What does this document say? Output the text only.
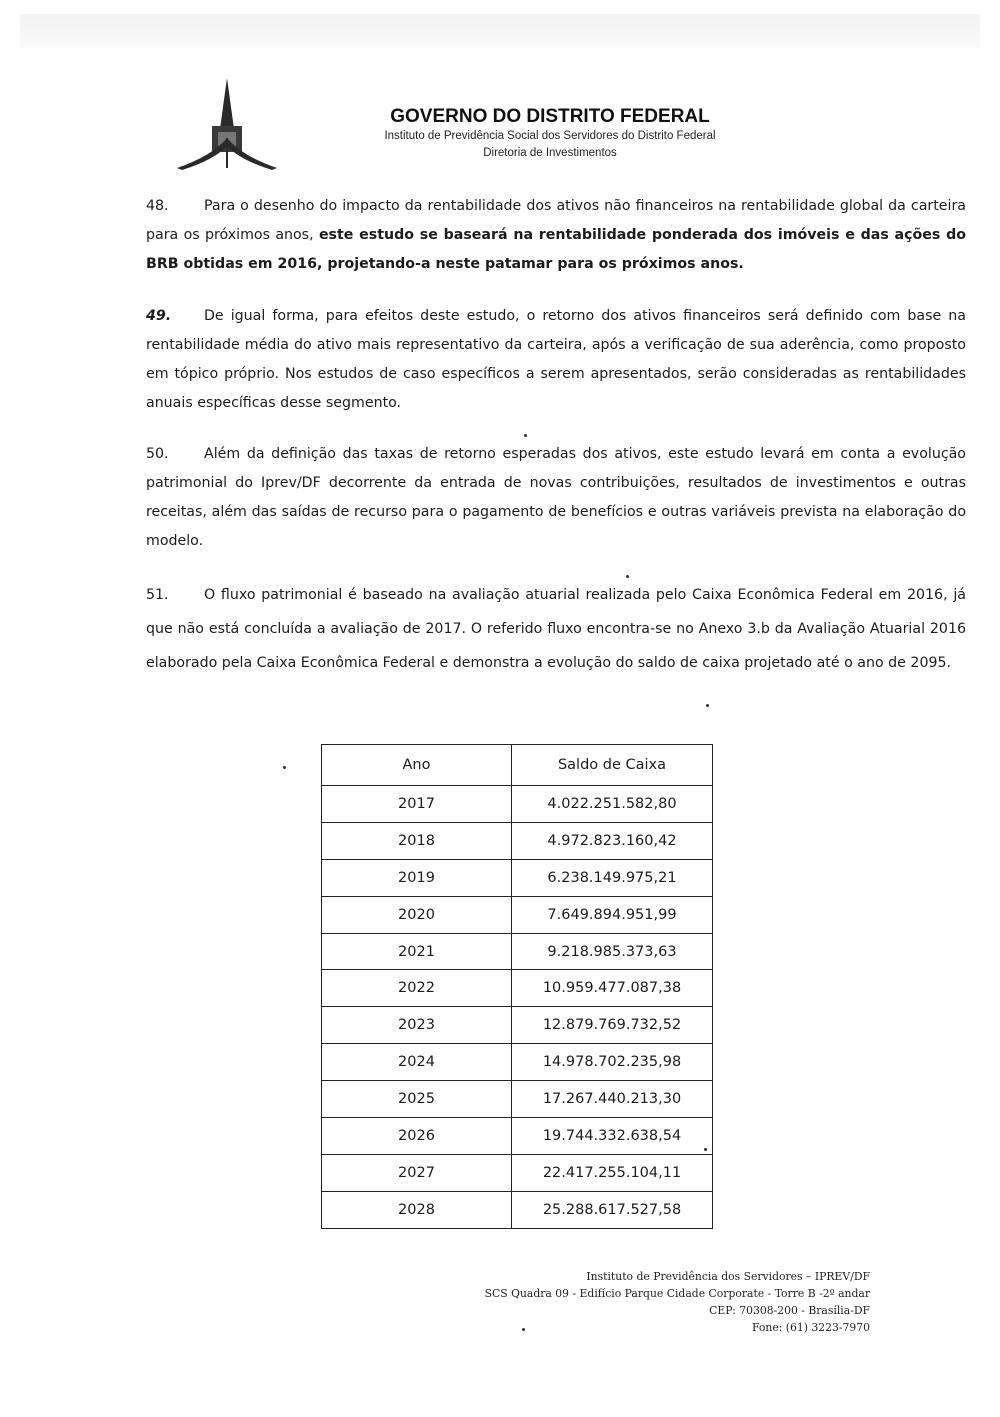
GOVERNO DO DISTRITO FEDERAL
Instituto de Previdência Social dos Servidores do Distrito Federal
Diretoria de Investimentos
48. Para o desenho do impacto da rentabilidade dos ativos não financeiros na rentabilidade global da carteira para os próximos anos, este estudo se baseará na rentabilidade ponderada dos imóveis e das ações do BRB obtidas em 2016, projetando-a neste patamar para os próximos anos.
49. De igual forma, para efeitos deste estudo, o retorno dos ativos financeiros será definido com base na rentabilidade média do ativo mais representativo da carteira, após a verificação de sua aderência, como proposto em tópico próprio. Nos estudos de caso específicos a serem apresentados, serão consideradas as rentabilidades anuais específicas desse segmento.
50. Além da definição das taxas de retorno esperadas dos ativos, este estudo levará em conta a evolução patrimonial do Iprev/DF decorrente da entrada de novas contribuições, resultados de investimentos e outras receitas, além das saídas de recurso para o pagamento de benefícios e outras variáveis prevista na elaboração do modelo.
51. O fluxo patrimonial é baseado na avaliação atuarial realizada pelo Caixa Econômica Federal em 2016, já que não está concluída a avaliação de 2017. O referido fluxo encontra-se no Anexo 3.b da Avaliação Atuarial 2016 elaborado pela Caixa Econômica Federal e demonstra a evolução do saldo de caixa projetado até o ano de 2095.
Ano	Saldo de Caixa
2017	4.022.251.582,80
2018	4.972.823.160,42
2019	6.238.149.975,21
2020	7.649.894.951,99
2021	9.218.985.373,63
2022	10.959.477.087,38
2023	12.879.769.732,52
2024	14.978.702.235,98
2025	17.267.440.213,30
2026	19.744.332.638,54
2027	22.417.255.104,11
2028	25.288.617.527,58
Instituto de Previdência dos Servidores – IPREV/DF
SCS Quadra 09 - Edifício Parque Cidade Corporate - Torre B -2º andar
CEP: 70308-200 - Brasília-DF
Fone: (61) 3223-7970
